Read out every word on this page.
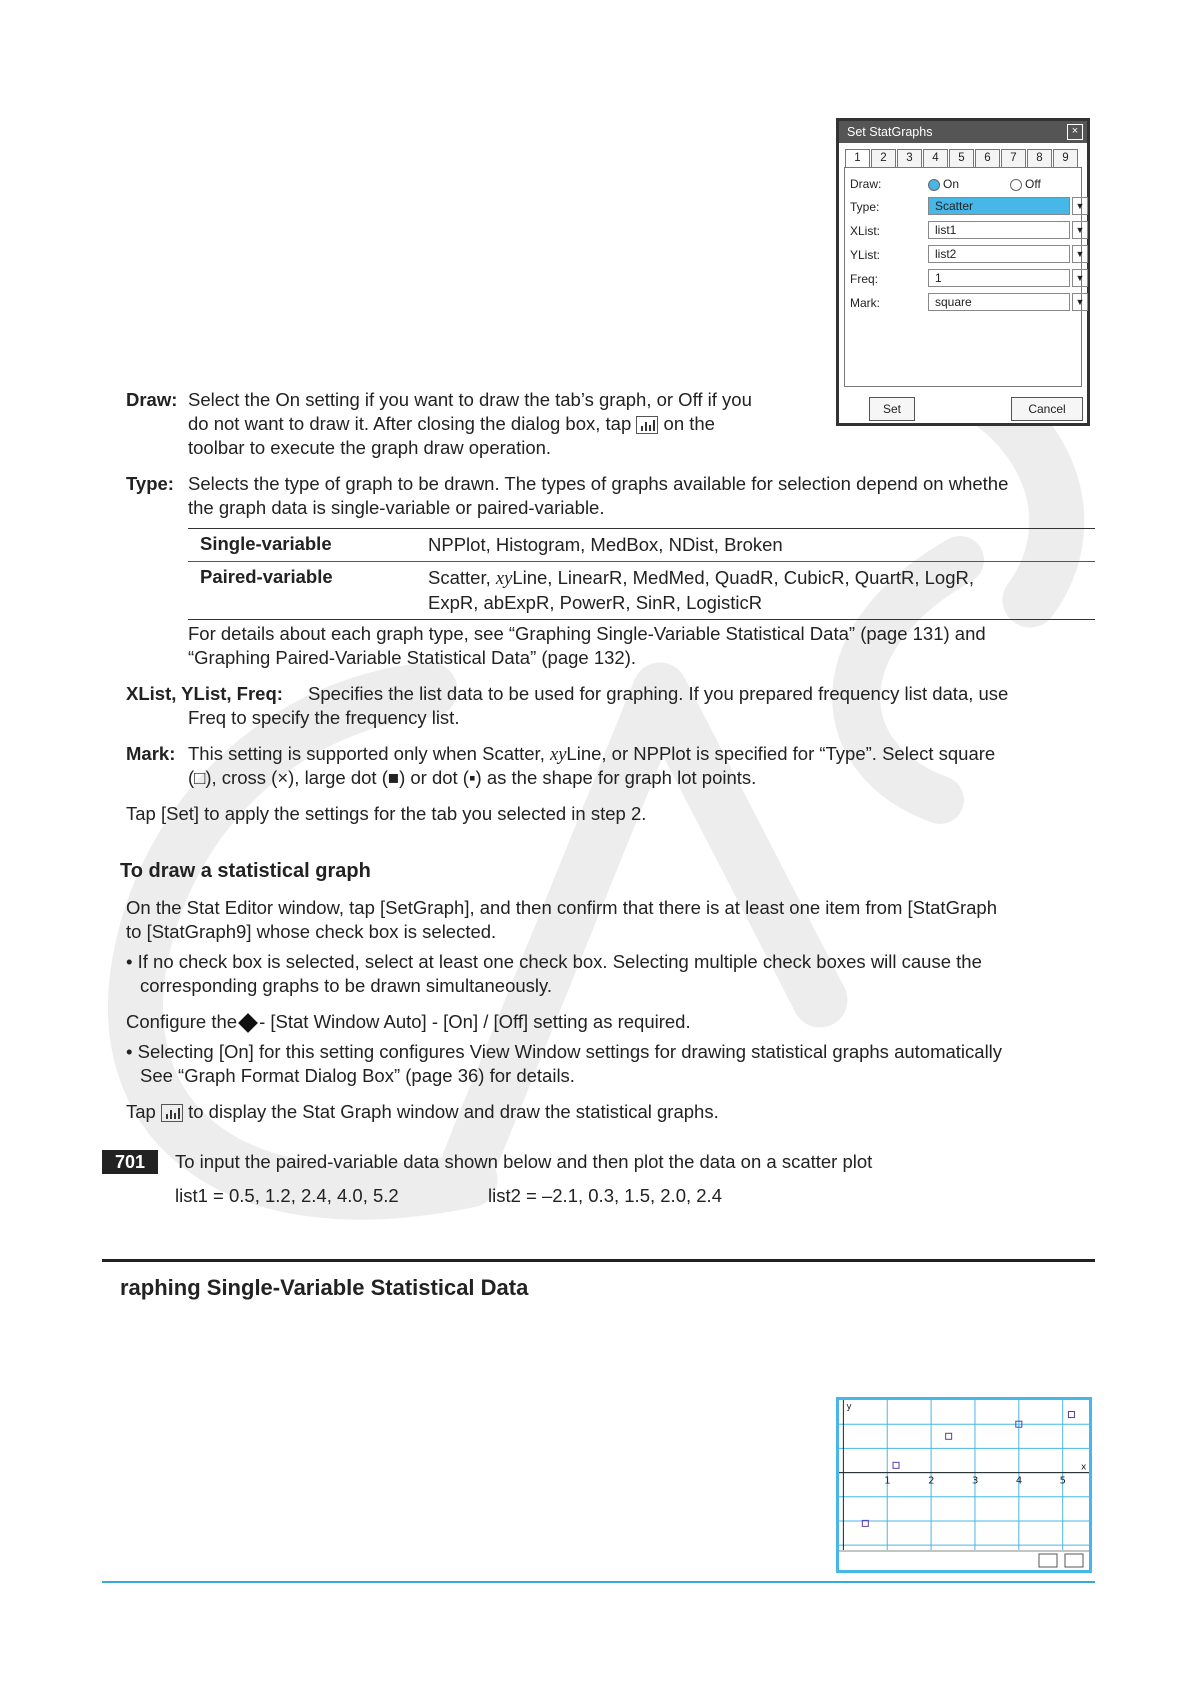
Set StatGraphs	×
1	2	3	4	5	6	7	8	9
Draw:	On	Off
Type:	Scatter	▼
XList:	list1	▼
YList:	list2	▼
Freq:	1	▼
Mark:	square	▼
Set	Cancel
Draw: Select the On setting if you want to draw the tab’s graph, or Off if you
do not want to draw it. After closing the dialog box, tap on the
toolbar to execute the graph draw operation.
Type: Selects the type of graph to be drawn. The types of graphs available for selection depend on whethe
the graph data is single-variable or paired-variable.
Single-variable	NPPlot, Histogram, MedBox, NDist, Broken
Paired-variable	Scatter, xyLine, LinearR, MedMed, QuadR, CubicR, QuartR, LogR,
ExpR, abExpR, PowerR, SinR, LogisticR
For details about each graph type, see “Graphing Single-Variable Statistical Data” (page 131) and
“Graphing Paired-Variable Statistical Data” (page 132).
XList, YList, Freq: Specifies the list data to be used for graphing. If you prepared frequency list data, use
Freq to specify the frequency list.
Mark: This setting is supported only when Scatter, xyLine, or NPPlot is specified for “Type”. Select square
(□), cross (×), large dot (■) or dot (▪) as the shape for graph lot points.
Tap [Set] to apply the settings for the tab you selected in step 2.
To draw a statistical graph
On the Stat Editor window, tap [SetGraph], and then confirm that there is at least one item from [StatGraph
to [StatGraph9] whose check box is selected.
• If no check box is selected, select at least one check box. Selecting multiple check boxes will cause the
corresponding graphs to be drawn simultaneously.
Configure the - [Stat Window Auto] - [On] / [Off] setting as required.
• Selecting [On] for this setting configures View Window settings for drawing statistical graphs automatically
See “Graph Format Dialog Box” (page 36) for details.
Tap to display the Stat Graph window and draw the statistical graphs.
701	To input the paired-variable data shown below and then plot the data on a scatter plot
list1 = 0.5, 1.2, 2.4, 4.0, 5.2	list2 = –2.1, 0.3, 1.5, 2.0, 2.4
raphing Single-Variable Statistical Data
1	2	3	4	5
x
y
